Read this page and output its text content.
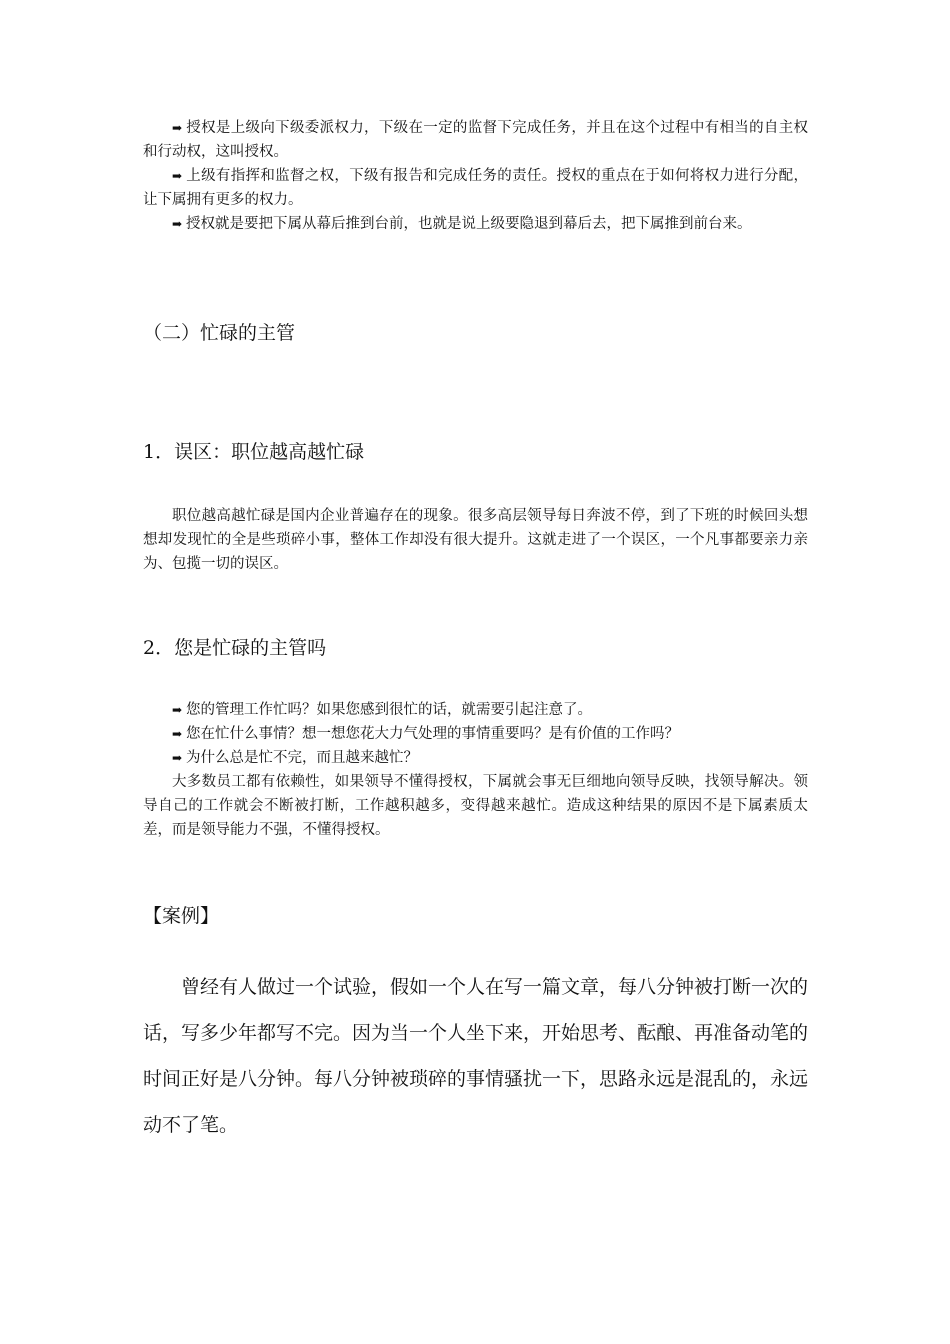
➡ 授权是上级向下级委派权力，下级在一定的监督下完成任务，并且在这个过程中有相当的自主权和行动权，这叫授权。

➡ 上级有指挥和监督之权，下级有报告和完成任务的责任。授权的重点在于如何将权力进行分配，让下属拥有更多的权力。

➡ 授权就是要把下属从幕后推到台前，也就是说上级要隐退到幕后去，把下属推到前台来。

（二）忙碌的主管

1．误区：职位越高越忙碌

职位越高越忙碌是国内企业普遍存在的现象。很多高层领导每日奔波不停，到了下班的时候回头想想却发现忙的全是些琐碎小事，整体工作却没有很大提升。这就走进了一个误区，一个凡事都要亲力亲为、包揽一切的误区。

2．您是忙碌的主管吗

➡ 您的管理工作忙吗？如果您感到很忙的话，就需要引起注意了。

➡ 您在忙什么事情？想一想您花大力气处理的事情重要吗？是有价值的工作吗？

➡ 为什么总是忙不完，而且越来越忙？

大多数员工都有依赖性，如果领导不懂得授权，下属就会事无巨细地向领导反映，找领导解决。领导自己的工作就会不断被打断，工作越积越多，变得越来越忙。造成这种结果的原因不是下属素质太差，而是领导能力不强，不懂得授权。

【案例】

曾经有人做过一个试验，假如一个人在写一篇文章，每八分钟被打断一次的话，写多少年都写不完。因为当一个人坐下来，开始思考、酝酿、再准备动笔的时间正好是八分钟。每八分钟被琐碎的事情骚扰一下，思路永远是混乱的，永远动不了笔。
